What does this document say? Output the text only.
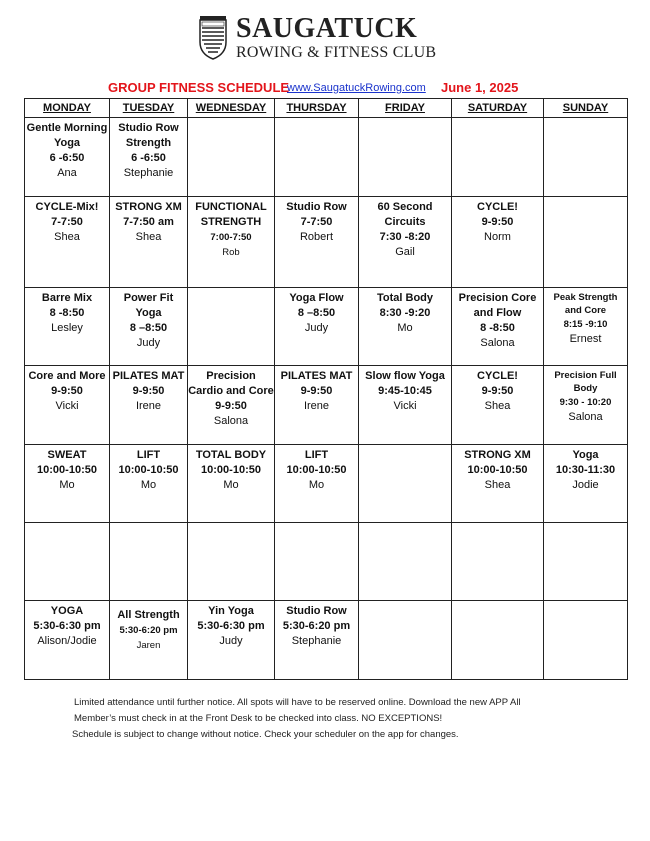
SAUGATUCK
ROWING & FITNESS CLUB
GROUP FITNESS SCHEDULE
www.SaugatuckRowing.com June 1, 2025
MONDAY	TUESDAY	WEDNESDAY	THURSDAY	FRIDAY	SATURDAY	SUNDAY

Gentle Morning Yoga
6 -6:50
Ana	Studio Row Strength
6 -6:50
Stephanie					

CYCLE-Mix!
7-7:50
Shea	STRONG XM
7-7:50 am
Shea	FUNCTIONAL STRENGTH
7:00-7:50
Rob	Studio Row
7-7:50
Robert	60 Second Circuits
7:30 -8:20
Gail	CYCLE!
9-9:50
Norm	

Barre Mix
8 -8:50
Lesley	Power Fit Yoga
8 –8:50
Judy		Yoga Flow
8 –8:50
Judy	Total Body
8:30 -9:20
Mo	Precision Core and Flow
8 -8:50
Salona	Peak Strength and Core
8:15 -9:10
Ernest

Core and More
9-9:50
Vicki	PILATES MAT
9-9:50
Irene	Precision Cardio and Core
9-9:50
Salona	PILATES MAT
9-9:50
Irene	Slow flow Yoga
9:45-10:45
Vicki	CYCLE!
9-9:50
Shea	Precision Full Body
9:30 - 10:20
Salona

SWEAT
10:00-10:50
Mo	LIFT
10:00-10:50
Mo	TOTAL BODY
10:00-10:50
Mo	LIFT
10:00-10:50
Mo		STRONG XM
10:00-10:50
Shea	Yoga
10:30-11:30
Jodie

YOGA
5:30-6:30 pm
Alison/Jodie	All Strength
5:30-6:20 pm
Jaren	Yin Yoga
5:30-6:30 pm
Judy	Studio Row
5:30-6:20 pm
Stephanie			

Limited attendance until further notice. All spots will have to be reserved online. Download the new APP All
Member’s must check in at the Front Desk to be checked into class. NO EXCEPTIONS!
Schedule is subject to change without notice. Check your scheduler on the app for changes.
